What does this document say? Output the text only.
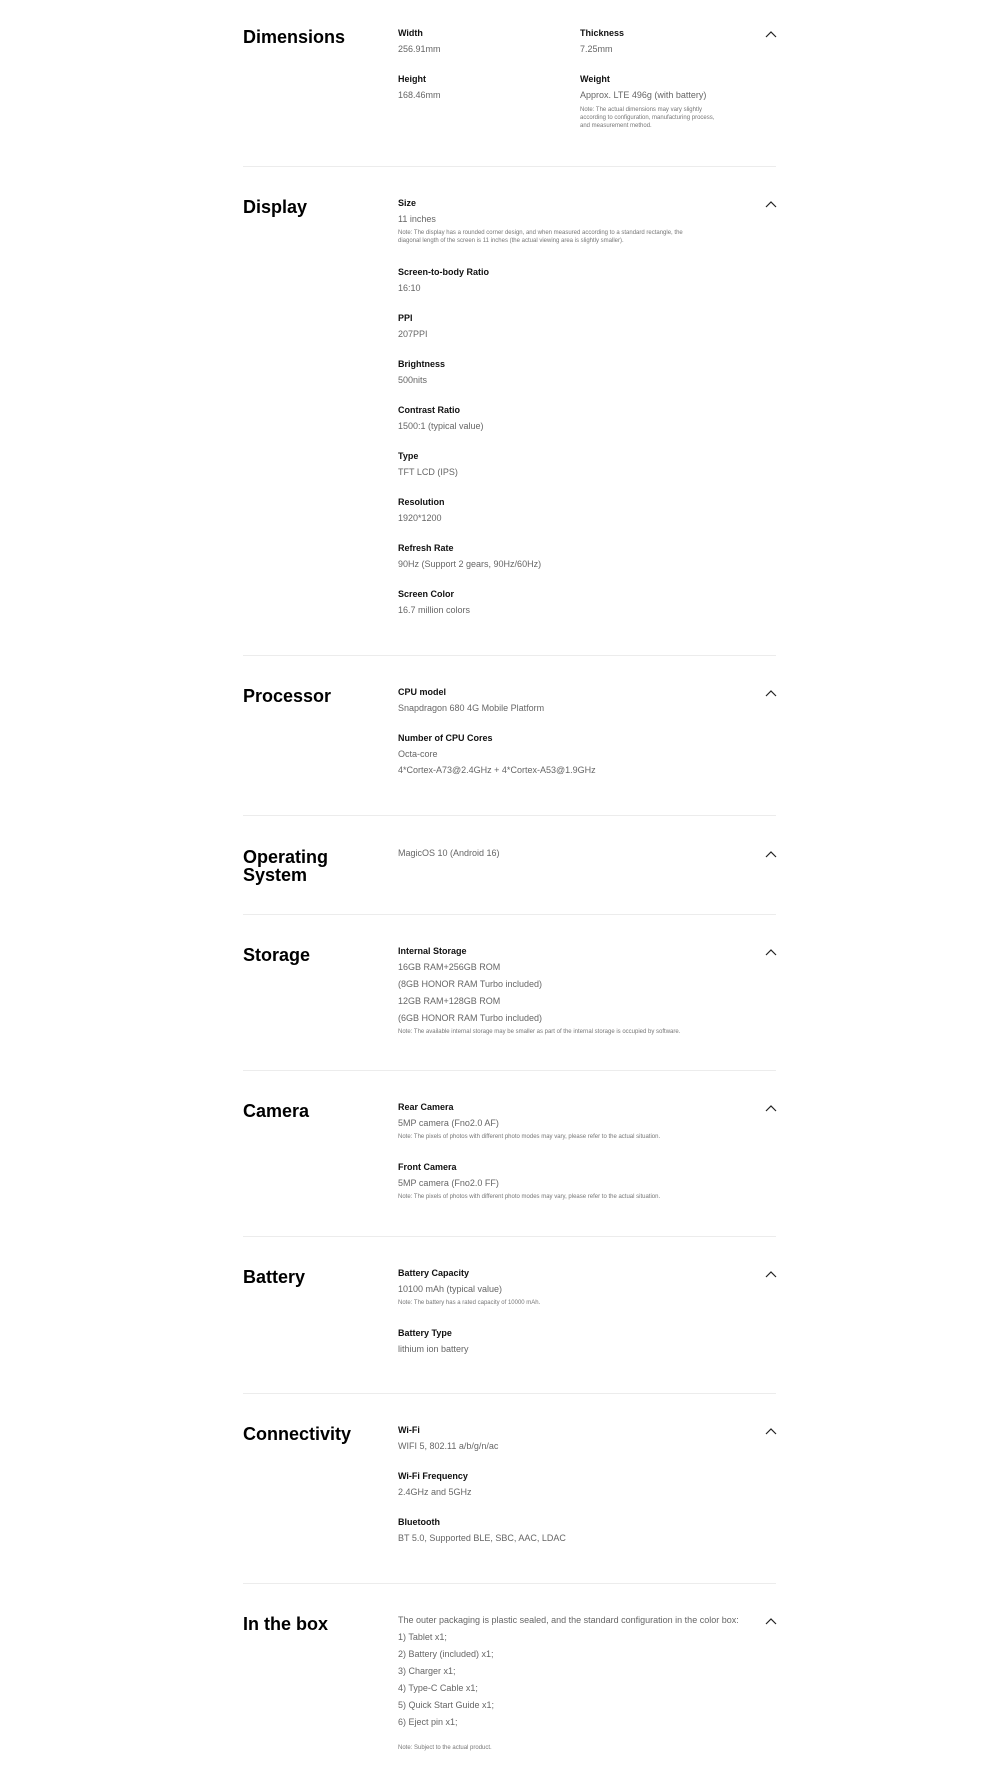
Dimensions	Width
256.91mm
Thickness
7.25mm
Height
168.46mm
Weight
Approx. LTE 496g (with battery)
Note: The actual dimensions may vary slightly
according to configuration, manufacturing process,
and measurement method.
Display	Size
11 inches
Note: The display has a rounded corner design, and when measured according to a standard rectangle, the
diagonal length of the screen is 11 inches (the actual viewing area is slightly smaller).
Screen-to-body Ratio
16:10
PPI
207PPI
Brightness
500nits
Contrast Ratio
1500:1 (typical value)
Type
TFT LCD (IPS)
Resolution
1920*1200
Refresh Rate
90Hz (Support 2 gears, 90Hz/60Hz)
Screen Color
16.7 million colors
Processor	CPU model
Snapdragon 680 4G Mobile Platform
Number of CPU Cores
Octa-core
4*Cortex-A73@2.4GHz + 4*Cortex-A53@1.9GHz
Operating
System
MagicOS 10 (Android 16)
Storage	Internal Storage
16GB RAM+256GB ROM
(8GB HONOR RAM Turbo included)
12GB RAM+128GB ROM
(6GB HONOR RAM Turbo included)
Note: The available internal storage may be smaller as part of the internal storage is occupied by software.
Camera	Rear Camera
5MP camera (Fno2.0 AF)
Note: The pixels of photos with different photo modes may vary, please refer to the actual situation.
Front Camera
5MP camera (Fno2.0 FF)
Note: The pixels of photos with different photo modes may vary, please refer to the actual situation.
Battery	Battery Capacity
10100 mAh (typical value)
Note: The battery has a rated capacity of 10000 mAh.
Battery Type
lithium ion battery
Connectivity	Wi-Fi
WIFI 5, 802.11 a/b/g/n/ac
Wi-Fi Frequency
2.4GHz and 5GHz
Bluetooth
BT 5.0, Supported BLE, SBC, AAC, LDAC
In the box	The outer packaging is plastic sealed, and the standard configuration in the color box:
1) Tablet x1;
2) Battery (included) x1;
3) Charger x1;
4) Type-C Cable x1;
5) Quick Start Guide x1;
6) Eject pin x1;
Note: Subject to the actual product.
